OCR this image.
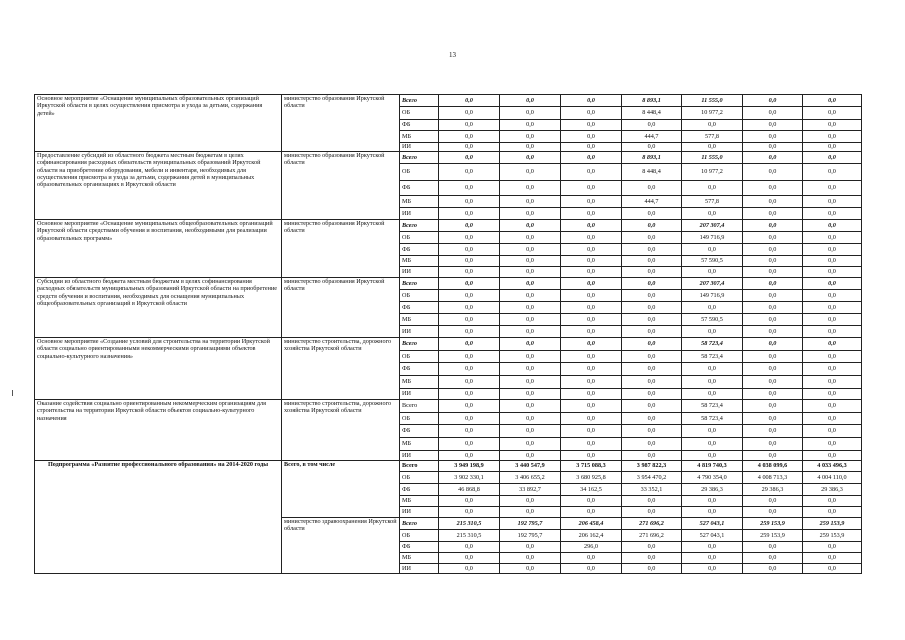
13
Основное мероприятие «Оснащение муниципальных образовательных организаций Иркутской области в целях осуществления присмотра и ухода за детьми, содержания детей»	министерство образования Иркутской области	Всего	0,0	0,0	0,0	8 893,1	11 555,0	0,0	0,0
		ОБ	0,0	0,0	0,0	8 448,4	10 977,2	0,0	0,0
		ФБ	0,0	0,0	0,0	0,0	0,0	0,0	0,0
		МБ	0,0	0,0	0,0	444,7	577,8	0,0	0,0
		ИИ	0,0	0,0	0,0	0,0	0,0	0,0	0,0
Предоставление субсидий из областного бюджета местным бюджетам в целях софинансирования расходных обязательств муниципальных образований Иркутской области на приобретение оборудования, мебели и инвентаря, необходимых для осуществления присмотра и ухода за детьми, содержания детей в муниципальных образовательных организациях в Иркутской области	министерство образования Иркутской области	Всего	0,0	0,0	0,0	8 893,1	11 555,0	0,0	0,0
		ОБ	0,0	0,0	0,0	8 448,4	10 977,2	0,0	0,0
		ФБ	0,0	0,0	0,0	0,0	0,0	0,0	0,0
		МБ	0,0	0,0	0,0	444,7	577,8	0,0	0,0
		ИИ	0,0	0,0	0,0	0,0	0,0	0,0	0,0
Основное мероприятие «Оснащение муниципальных общеобразовательных организаций Иркутской области средствами обучения и воспитания, необходимыми для реализации образовательных программ»	министерство образования Иркутской области	Всего	0,0	0,0	0,0	0,0	207 307,4	0,0	0,0
		ОБ	0,0	0,0	0,0	0,0	149 716,9	0,0	0,0
		ФБ	0,0	0,0	0,0	0,0	0,0	0,0	0,0
		МБ	0,0	0,0	0,0	0,0	57 590,5	0,0	0,0
		ИИ	0,0	0,0	0,0	0,0	0,0	0,0	0,0
Субсидии из областного бюджета местным бюджетам в целях софинансирования расходных обязательств муниципальных образований Иркутской области на приобретение средств обучения и воспитания, необходимых для оснащения муниципальных общеобразовательных организаций в Иркутской области	министерство образования Иркутской области	Всего	0,0	0,0	0,0	0,0	207 307,4	0,0	0,0
		ОБ	0,0	0,0	0,0	0,0	149 716,9	0,0	0,0
		ФБ	0,0	0,0	0,0	0,0	0,0	0,0	0,0
		МБ	0,0	0,0	0,0	0,0	57 590,5	0,0	0,0
		ИИ	0,0	0,0	0,0	0,0	0,0	0,0	0,0
Основное мероприятие «Создание условий для строительства на территории Иркутской области социально ориентированными некоммерческими организациями объектов социально-культурного назначения»	министерство строительства, дорожного хозяйства Иркутской области	Всего	0,0	0,0	0,0	0,0	58 723,4	0,0	0,0
		ОБ	0,0	0,0	0,0	0,0	58 723,4	0,0	0,0
		ФБ	0,0	0,0	0,0	0,0	0,0	0,0	0,0
		МБ	0,0	0,0	0,0	0,0	0,0	0,0	0,0
		ИИ	0,0	0,0	0,0	0,0	0,0	0,0	0,0
Оказание содействия социально ориентированным некоммерческим организациям для строительства на территории Иркутской области объектов социально-культурного назначения	министерство строительства, дорожного хозяйства Иркутской области	Всего	0,0	0,0	0,0	0,0	58 723,4	0,0	0,0
		ОБ	0,0	0,0	0,0	0,0	58 723,4	0,0	0,0
		ФБ	0,0	0,0	0,0	0,0	0,0	0,0	0,0
		МБ	0,0	0,0	0,0	0,0	0,0	0,0	0,0
		ИИ	0,0	0,0	0,0	0,0	0,0	0,0	0,0
Подпрограмма «Развитие профессионального образования» на 2014-2020 годы	Всего, в том числе	Всего	3 949 198,9	3 440 547,9	3 715 088,3	3 987 822,3	4 819 740,3	4 038 099,6	4 033 496,3
		ОБ	3 902 330,1	3 406 655,2	3 680 925,8	3 954 470,2	4 790 354,0	4 008 713,3	4 004 110,0
		ФБ	46 868,8	33 892,7	34 162,5	33 352,1	29 386,3	29 386,3	29 386,3
		МБ	0,0	0,0	0,0	0,0	0,0	0,0	0,0
		ИИ	0,0	0,0	0,0	0,0	0,0	0,0	0,0
	министерство здравоохранения Иркутской области	Всего	215 310,5	192 795,7	206 458,4	271 696,2	527 043,1	259 153,9	259 153,9
		ОБ	215 310,5	192 795,7	206 162,4	271 696,2	527 043,1	259 153,9	259 153,9
		ФБ	0,0	0,0	296,0	0,0	0,0	0,0	0,0
		МБ	0,0	0,0	0,0	0,0	0,0	0,0	0,0
		ИИ	0,0	0,0	0,0	0,0	0,0	0,0	0,0
